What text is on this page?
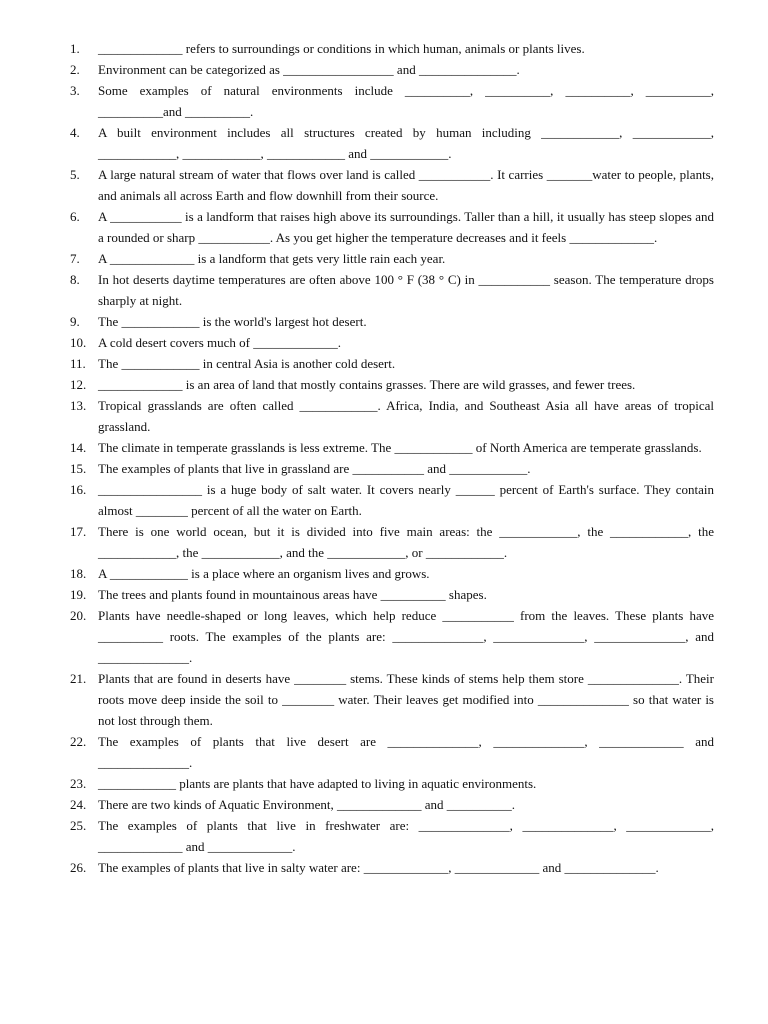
1.	_____________ refers to surroundings or conditions in which human, animals or plants lives.
2.	Environment can be categorized as _________________ and _______________.
3.	Some examples of natural environments include __________, __________, __________, __________, __________and __________.
4.	A built environment includes all structures created by human including ____________, ____________, ____________, ____________, ____________ and ____________.
5.	A large natural stream of water that flows over land is called ___________. It carries _______water to people, plants, and animals all across Earth and flow downhill from their source.
6.	A ___________ is a landform that raises high above its surroundings. Taller than a hill, it usually has steep slopes and a rounded or sharp ___________. As you get higher the temperature decreases and it feels _____________.
7.	A _____________ is a landform that gets very little rain each year.
8.	In hot deserts daytime temperatures are often above 100 ° F (38 ° C) in ___________ season. The temperature drops sharply at night.
9.	The ____________ is the world's largest hot desert.
10. A cold desert covers much of _____________.
11. The ____________ in central Asia is another cold desert.
12. _____________ is an area of land that mostly contains grasses. There are wild grasses, and fewer trees.
13. Tropical grasslands are often called ____________. Africa, India, and Southeast Asia all have areas of tropical grassland.
14. The climate in temperate grasslands is less extreme. The ____________ of North America are temperate grasslands.
15. The examples of plants that live in grassland are ___________ and ____________.
16. ________________ is a huge body of salt water. It covers nearly ______ percent of Earth's surface. They contain almost ________ percent of all the water on Earth.
17. There is one world ocean, but it is divided into five main areas: the ____________, the ____________, the ____________, the ____________, and the ____________, or ____________.
18. A ____________ is a place where an organism lives and grows.
19. The trees and plants found in mountainous areas have __________ shapes.
20. Plants have needle-shaped or long leaves, which help reduce ___________ from the leaves. These plants have __________ roots. The examples of the plants are: ______________, ______________, ______________, and ______________.
21. Plants that are found in deserts have ________ stems. These kinds of stems help them store ______________. Their roots move deep inside the soil to ________ water. Their leaves get modified into ______________ so that water is not lost through them.
22. The examples of plants that live desert are ______________, ______________, _____________ and ______________.
23. ____________ plants are plants that have adapted to living in aquatic environments.
24. There are two kinds of Aquatic Environment, _____________ and __________.
25. The examples of plants that live in freshwater are: ______________, ______________, _____________, _____________ and _____________.
26. The examples of plants that live in salty water are: _____________, _____________ and ______________.
